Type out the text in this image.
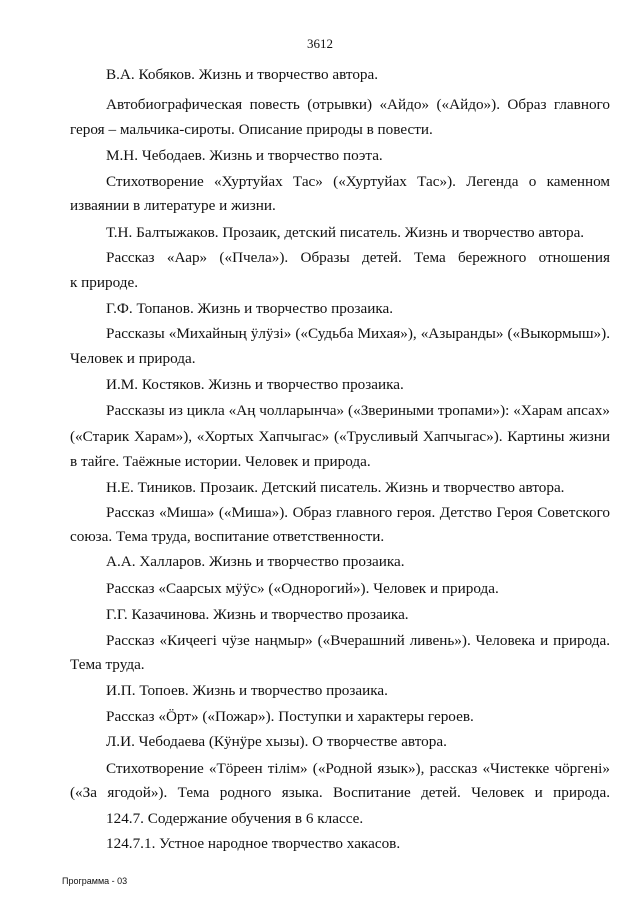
3612

В.А. Кобяков. Жизнь и творчество автора.

Автобиографическая повесть (отрывки) «Айдо» («Айдо»). Образ главного

героя – мальчика-сироты. Описание природы в повести.

М.Н. Чебодаев. Жизнь и творчество поэта.

Стихотворение «Хуртуйах Тас» («Хуртуйах Тас»). Легенда о каменном

изваянии в литературе и жизни.

Т.Н. Балтыжаков. Прозаик, детский писатель. Жизнь и творчество автора.

Рассказ «Аар» («Пчела»). Образы детей. Тема бережного отношения

к природе.

Г.Ф. Топанов. Жизнь и творчество прозаика.

Рассказы «Михайның ӱлӱзі» («Судьба Михая»), «Азыранды» («Выкормыш»).

Человек и природа.

И.М. Костяков. Жизнь и творчество прозаика.

Рассказы из цикла «Аң чолларынча» («Звериными тропами»): «Харам апсах»

(«Старик Харам»), «Хортых Хапчыгас» («Трусливый Хапчыгас»). Картины жизни

в тайге. Таёжные истории. Человек и природа.

Н.Е. Тиников. Прозаик. Детский писатель. Жизнь и творчество автора.

Рассказ «Миша» («Миша»). Образ главного героя. Детство Героя Советского

союза. Тема труда, воспитание ответственности.

А.А. Халларов. Жизнь и творчество прозаика.

Рассказ «Саарсых мӱӱс» («Однорогий»). Человек и природа.

Г.Г. Казачинова. Жизнь и творчество прозаика.

Рассказ «Киҷеегі чӱзе наңмыр» («Вчерашний ливень»). Человека и природа.

Тема труда.

И.П. Топоев. Жизнь и творчество прозаика.

Рассказ «Ӧрт» («Пожар»). Поступки и характеры героев.

Л.И. Чебодаева (Кӱнӱре хызы). О творчестве автора.

Стихотворение «Тӧреен тілім» («Родной язык»), рассказ «Чистекке чӧргені»

(«За ягодой»). Тема родного языка. Воспитание детей. Человек и природа.

124.7. Содержание обучения в 6 классе.

124.7.1. Устное народное творчество хакасов.

Программа - 03
